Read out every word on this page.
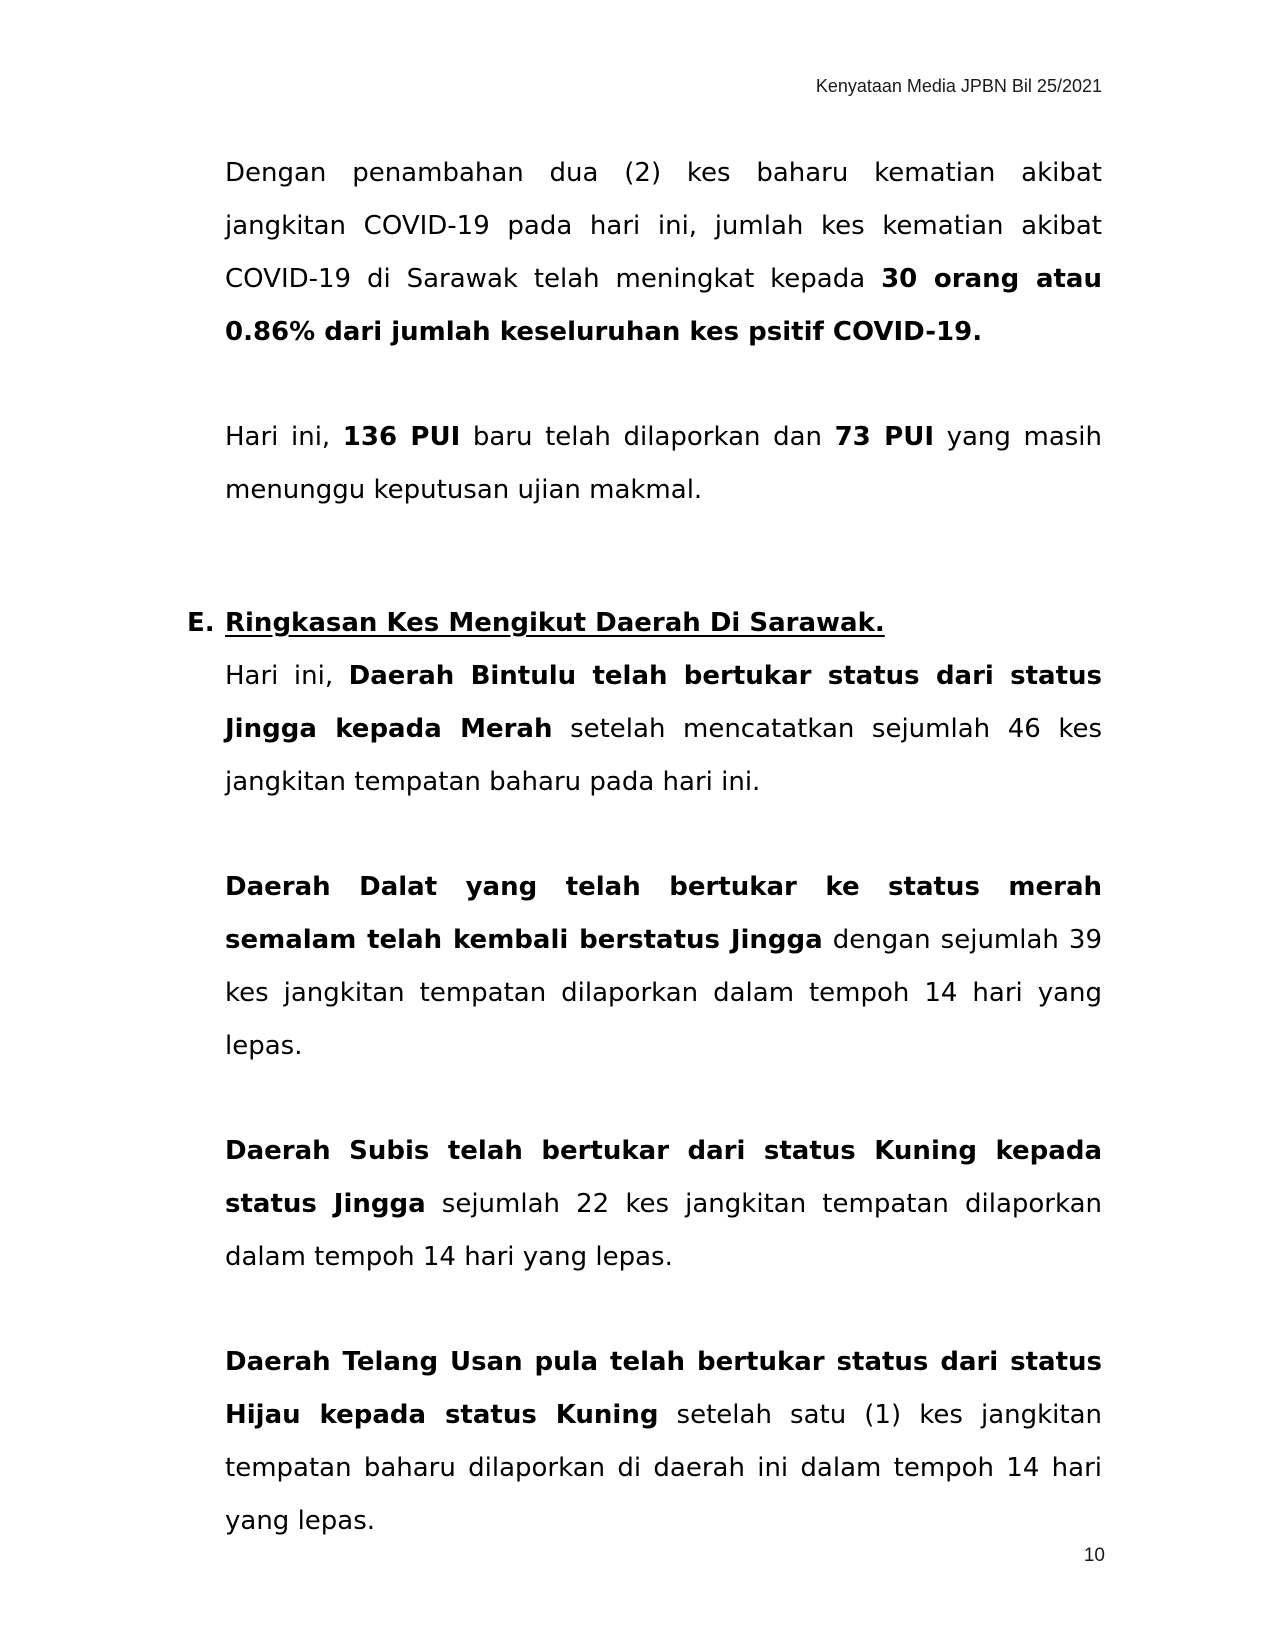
Kenyataan Media JPBN Bil 25/2021

Dengan penambahan dua (2) kes baharu kematian akibat jangkitan COVID-19 pada hari ini, jumlah kes kematian akibat COVID-19 di Sarawak telah meningkat kepada 30 orang atau 0.86% dari jumlah keseluruhan kes psitif COVID-19.

Hari ini, 136 PUI baru telah dilaporkan dan 73 PUI yang masih menunggu keputusan ujian makmal.

E. Ringkasan Kes Mengikut Daerah Di Sarawak.

Hari ini, Daerah Bintulu telah bertukar status dari status Jingga kepada Merah setelah mencatatkan sejumlah 46 kes jangkitan tempatan baharu pada hari ini.

Daerah Dalat yang telah bertukar ke status merah semalam telah kembali berstatus Jingga dengan sejumlah 39 kes jangkitan tempatan dilaporkan dalam tempoh 14 hari yang lepas.

Daerah Subis telah bertukar dari status Kuning kepada status Jingga sejumlah 22 kes jangkitan tempatan dilaporkan dalam tempoh 14 hari yang lepas.

Daerah Telang Usan pula telah bertukar status dari status Hijau kepada status Kuning setelah satu (1) kes jangkitan tempatan baharu dilaporkan di daerah ini dalam tempoh 14 hari yang lepas.

10
